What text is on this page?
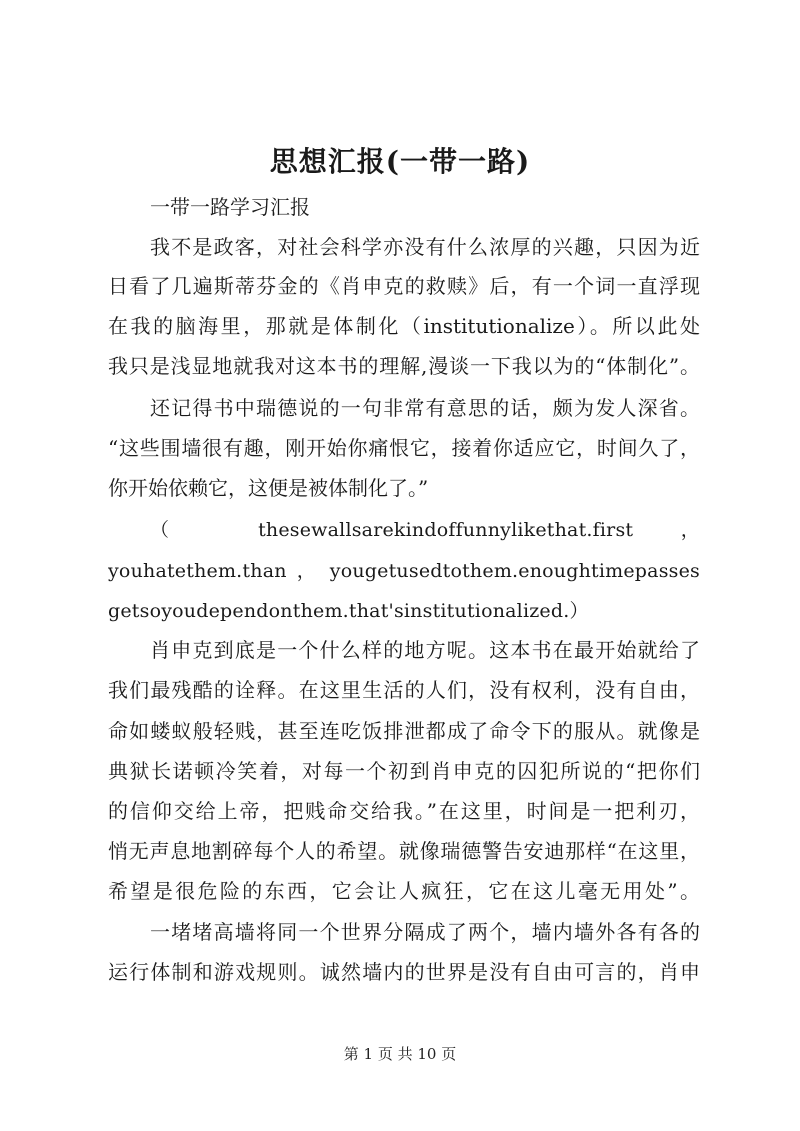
思想汇报(一带一路)
一带一路学习汇报
我不是政客，对社会科学亦没有什么浓厚的兴趣，只因为近
日看了几遍斯蒂芬金的《肖申克的救赎》后，有一个词一直浮现
在我的脑海里，那就是体制化（institutionalize）。所以此处
我只是浅显地就我对这本书的理解,漫谈一下我以为的“体制化”。
还记得书中瑞德说的一句非常有意思的话，颇为发人深省。
“这些围墙很有趣，刚开始你痛恨它，接着你适应它，时间久了，
你开始依赖它，这便是被体制化了。”
（ thesewallsarekindoffunnylikethat.first ，
youhatethem.than ， yougetusedtothem.enoughtimepasses
getsoyoudependonthem.that'sinstitutionalized.）
肖申克到底是一个什么样的地方呢。这本书在最开始就给了
我们最残酷的诠释。在这里生活的人们，没有权利，没有自由，
命如蝼蚁般轻贱，甚至连吃饭排泄都成了命令下的服从。就像是
典狱长诺顿冷笑着，对每一个初到肖申克的囚犯所说的“把你们
的信仰交给上帝，把贱命交给我。”在这里，时间是一把利刃，
悄无声息地割碎每个人的希望。就像瑞德警告安迪那样“在这里，
希望是很危险的东西，它会让人疯狂，它在这儿毫无用处”。
一堵堵高墙将同一个世界分隔成了两个，墙内墙外各有各的
运行体制和游戏规则。诚然墙内的世界是没有自由可言的，肖申
第 1 页 共 10 页
